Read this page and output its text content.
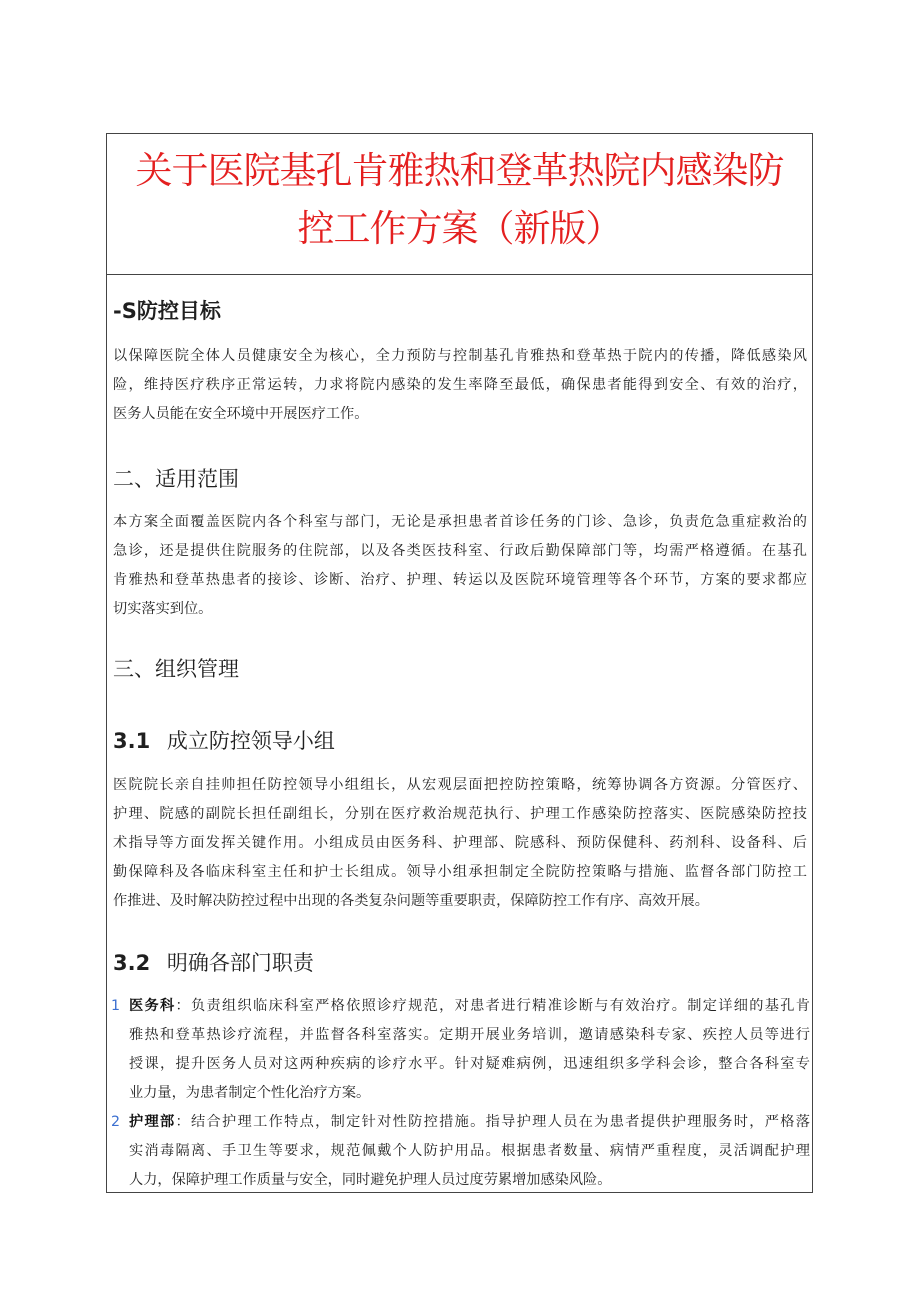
关于医院基孔肯雅热和登革热院内感染防
控工作方案（新版）
-S防控目标
以保障医院全体人员健康安全为核心，全力预防与控制基孔肯雅热和登革热于院内的传播，降低感染风
险，维持医疗秩序正常运转，力求将院内感染的发生率降至最低，确保患者能得到安全、有效的治疗，
医务人员能在安全环境中开展医疗工作。
二、适用范围
本方案全面覆盖医院内各个科室与部门，无论是承担患者首诊任务的门诊、急诊，负责危急重症救治的
急诊，还是提供住院服务的住院部，以及各类医技科室、行政后勤保障部门等，均需严格遵循。在基孔
肯雅热和登革热患者的接诊、诊断、治疗、护理、转运以及医院环境管理等各个环节，方案的要求都应
切实落实到位。
三、组织管理
3.1 成立防控领导小组
医院院长亲自挂帅担任防控领导小组组长，从宏观层面把控防控策略，统筹协调各方资源。分管医疗、
护理、院感的副院长担任副组长，分别在医疗救治规范执行、护理工作感染防控落实、医院感染防控技
术指导等方面发挥关键作用。小组成员由医务科、护理部、院感科、预防保健科、药剂科、设备科、后
勤保障科及各临床科室主任和护士长组成。领导小组承担制定全院防控策略与措施、监督各部门防控工
作推进、及时解决防控过程中出现的各类复杂问题等重要职责，保障防控工作有序、高效开展。
3.2 明确各部门职责
1 医务科：负责组织临床科室严格依照诊疗规范，对患者进行精准诊断与有效治疗。制定详细的基孔肯
雅热和登革热诊疗流程，并监督各科室落实。定期开展业务培训，邀请感染科专家、疾控人员等进行
授课，提升医务人员对这两种疾病的诊疗水平。针对疑难病例，迅速组织多学科会诊，整合各科室专
业力量，为患者制定个性化治疗方案。
2 护理部：结合护理工作特点，制定针对性防控措施。指导护理人员在为患者提供护理服务时，严格落
实消毒隔离、手卫生等要求，规范佩戴个人防护用品。根据患者数量、病情严重程度，灵活调配护理
人力，保障护理工作质量与安全，同时避免护理人员过度劳累增加感染风险。
